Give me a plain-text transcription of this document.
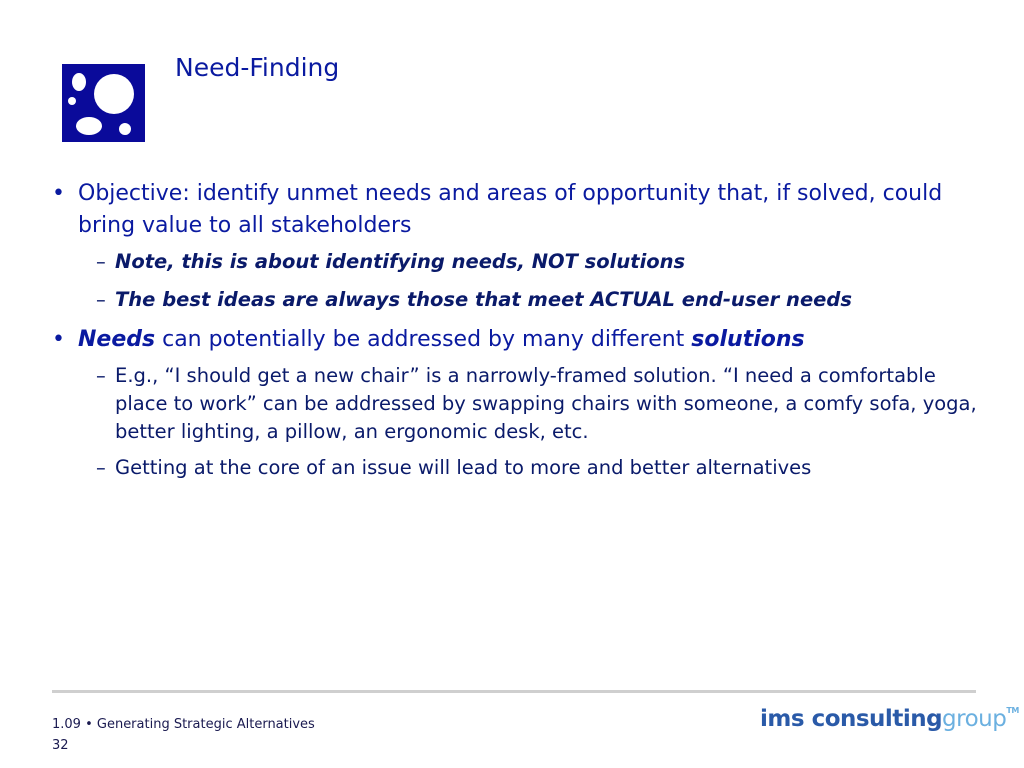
Need-Finding
• Objective: identify unmet needs and areas of opportunity that, if solved, could bring value to all stakeholders
– Note, this is about identifying needs, NOT solutions
– The best ideas are always those that meet ACTUAL end-user needs
• Needs can potentially be addressed by many different solutions
– E.g., “I should get a new chair” is a narrowly-framed solution. “I need a comfortable place to work” can be addressed by swapping chairs with someone, a comfy sofa, yoga, better lighting, a pillow, an ergonomic desk, etc.
– Getting at the core of an issue will lead to more and better alternatives
1.09 • Generating Strategic Alternatives
32
ims consultinggroup™
